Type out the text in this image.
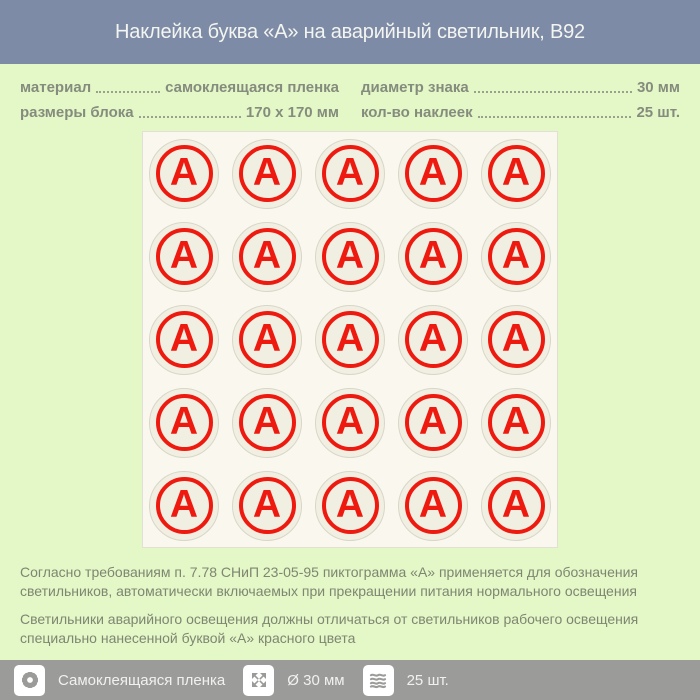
Наклейка буква «А» на аварийный светильник, B92
материал	самоклеящаяся пленка
размеры блока	170 x 170 мм
диаметр знака	30 мм
кол-во наклеек	25 шт.
А А А А А
А А А А А
А А А А А
А А А А А
А А А А А

Согласно требованиям п. 7.78 СНиП 23-05-95 пиктограмма «А» применяется для обозначения светильников, автоматически включаемых при прекращении питания нормального освещения

Светильники аварийного освещения должны отличаться от светильников рабочего освещения специально нанесенной буквой «А» красного цвета

Самоклеящаяся пленка	Ø 30 мм	25 шт.
